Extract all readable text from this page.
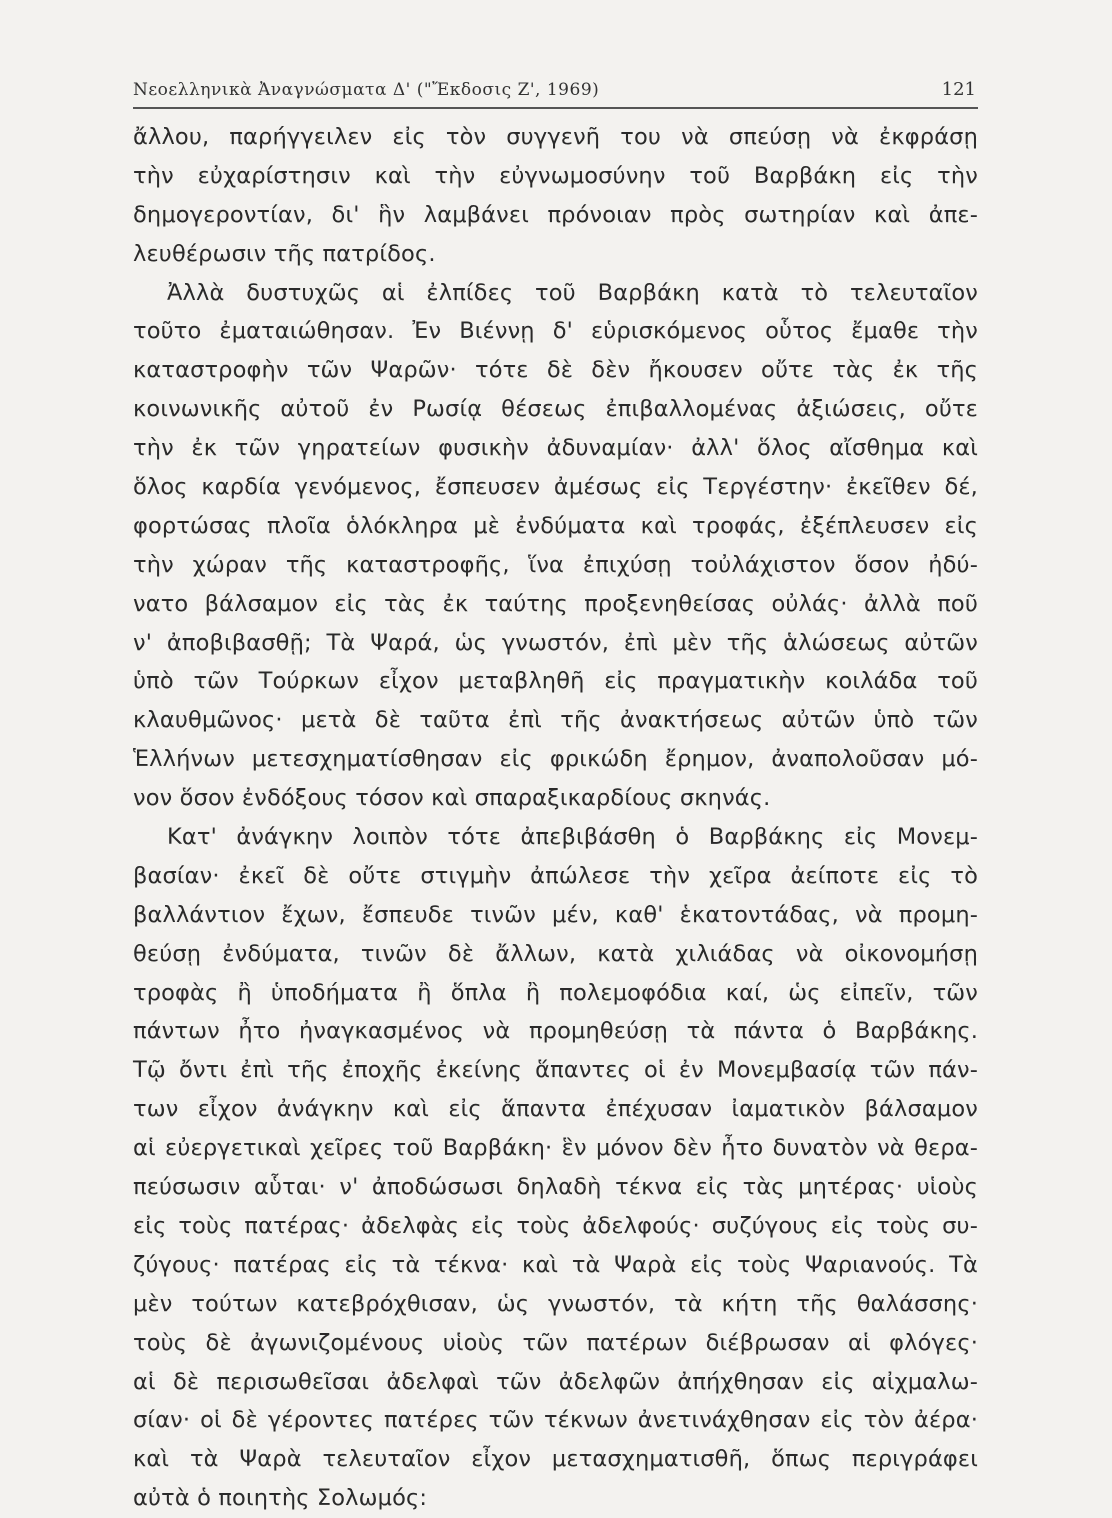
Νεοελληνικὰ Ἀναγνώσματα Δ' ("Ἔκδοσις Ζ', 1969)	121
ἄλλου, παρήγγειλεν εἰς τὸν συγγενῆ του νὰ σπεύσῃ νὰ ἐκφράσῃ
τὴν εὐχαρίστησιν καὶ τὴν εὐγνωμοσύνην τοῦ Βαρβάκη εἰς τὴν
δημογεροντίαν, δι' ἣν λαμβάνει πρόνοιαν πρὸς σωτηρίαν καὶ ἀπε-
λευθέρωσιν τῆς πατρίδος.
Ἀλλὰ δυστυχῶς αἱ ἐλπίδες τοῦ Βαρβάκη κατὰ τὸ τελευταῖον
τοῦτο ἐματαιώθησαν. Ἐν Βιέννῃ δ' εὑρισκόμενος οὗτος ἔμαθε τὴν
καταστροφὴν τῶν Ψαρῶν· τότε δὲ δὲν ἤκουσεν οὔτε τὰς ἐκ τῆς
κοινωνικῆς αὐτοῦ ἐν Ρωσίᾳ θέσεως ἐπιβαλλομένας ἀξιώσεις, οὔτε
τὴν ἐκ τῶν γηρατείων φυσικὴν ἀδυναμίαν· ἀλλ' ὅλος αἴσθημα καὶ
ὅλος καρδία γενόμενος, ἔσπευσεν ἀμέσως εἰς Τεργέστην· ἐκεῖθεν δέ,
φορτώσας πλοῖα ὁλόκληρα μὲ ἐνδύματα καὶ τροφάς, ἐξέπλευσεν εἰς
τὴν χώραν τῆς καταστροφῆς, ἵνα ἐπιχύσῃ τοὐλάχιστον ὅσον ἠδύ-
νατο βάλσαμον εἰς τὰς ἐκ ταύτης προξενηθείσας οὐλάς· ἀλλὰ ποῦ
ν' ἀποβιβασθῇ; Τὰ Ψαρά, ὡς γνωστόν, ἐπὶ μὲν τῆς ἁλώσεως αὐτῶν
ὑπὸ τῶν Τούρκων εἶχον μεταβληθῆ εἰς πραγματικὴν κοιλάδα τοῦ
κλαυθμῶνος· μετὰ δὲ ταῦτα ἐπὶ τῆς ἀνακτήσεως αὐτῶν ὑπὸ τῶν
Ἑλλήνων μετεσχηματίσθησαν εἰς φρικώδη ἔρημον, ἀναπολοῦσαν μό-
νον ὅσον ἐνδόξους τόσον καὶ σπαραξικαρδίους σκηνάς.
Κατ' ἀνάγκην λοιπὸν τότε ἀπεβιβάσθη ὁ Βαρβάκης εἰς Μονεμ-
βασίαν· ἐκεῖ δὲ οὔτε στιγμὴν ἀπώλεσε τὴν χεῖρα ἀείποτε εἰς τὸ
βαλλάντιον ἔχων, ἔσπευδε τινῶν μέν, καθ' ἑκατοντάδας, νὰ προμη-
θεύσῃ ἐνδύματα, τινῶν δὲ ἄλλων, κατὰ χιλιάδας νὰ οἰκονομήσῃ
τροφὰς ἢ ὑποδήματα ἢ ὅπλα ἢ πολεμοφόδια καί, ὡς εἰπεῖν, τῶν
πάντων ἦτο ἠναγκασμένος νὰ προμηθεύσῃ τὰ πάντα ὁ Βαρβάκης.
Τῷ ὄντι ἐπὶ τῆς ἐποχῆς ἐκείνης ἅπαντες οἱ ἐν Μονεμβασίᾳ τῶν πάν-
των εἶχον ἀνάγκην καὶ εἰς ἅπαντα ἐπέχυσαν ἰαματικὸν βάλσαμον
αἱ εὐεργετικαὶ χεῖρες τοῦ Βαρβάκη· ἓν μόνον δὲν ἦτο δυνατὸν νὰ θερα-
πεύσωσιν αὗται· ν' ἀποδώσωσι δηλαδὴ τέκνα εἰς τὰς μητέρας· υἱοὺς
εἰς τοὺς πατέρας· ἀδελφὰς εἰς τοὺς ἀδελφούς· συζύγους εἰς τοὺς συ-
ζύγους· πατέρας εἰς τὰ τέκνα· καὶ τὰ Ψαρὰ εἰς τοὺς Ψαριανούς. Τὰ
μὲν τούτων κατεβρόχθισαν, ὡς γνωστόν, τὰ κήτη τῆς θαλάσσης·
τοὺς δὲ ἀγωνιζομένους υἱοὺς τῶν πατέρων διέβρωσαν αἱ φλόγες·
αἱ δὲ περισωθεῖσαι ἀδελφαὶ τῶν ἀδελφῶν ἀπήχθησαν εἰς αἰχμαλω-
σίαν· οἱ δὲ γέροντες πατέρες τῶν τέκνων ἀνετινάχθησαν εἰς τὸν ἀέρα·
καὶ τὰ Ψαρὰ τελευταῖον εἶχον μετασχηματισθῆ, ὅπως περιγράφει
αὐτὰ ὁ ποιητὴς Σολωμός:
